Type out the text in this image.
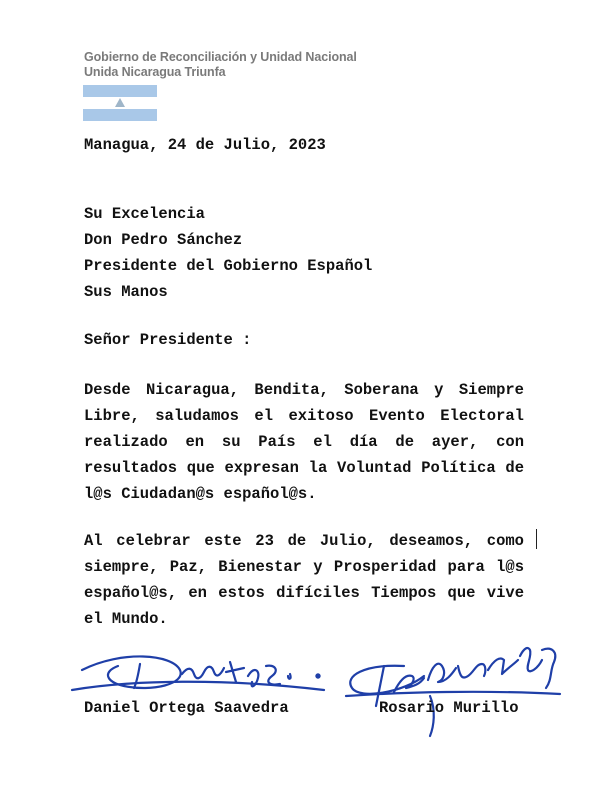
Gobierno de Reconciliación y Unidad Nacional
Unida Nicaragua Triunfa
Managua, 24 de Julio, 2023
Su Excelencia
Don Pedro Sánchez
Presidente del Gobierno Español
Sus Manos
Señor Presidente :
Desde Nicaragua, Bendita, Soberana y Siempre Libre, saludamos el exitoso Evento Electoral realizado en su País el día de ayer, con resultados que expresan la Voluntad Política de l@s Ciudadan@s español@s.
Al celebrar este 23 de Julio, deseamos, como siempre, Paz, Bienestar y Prosperidad para l@s español@s, en estos difíciles Tiempos que vive el Mundo.
Daniel Ortega Saavedra	Rosario Murillo
